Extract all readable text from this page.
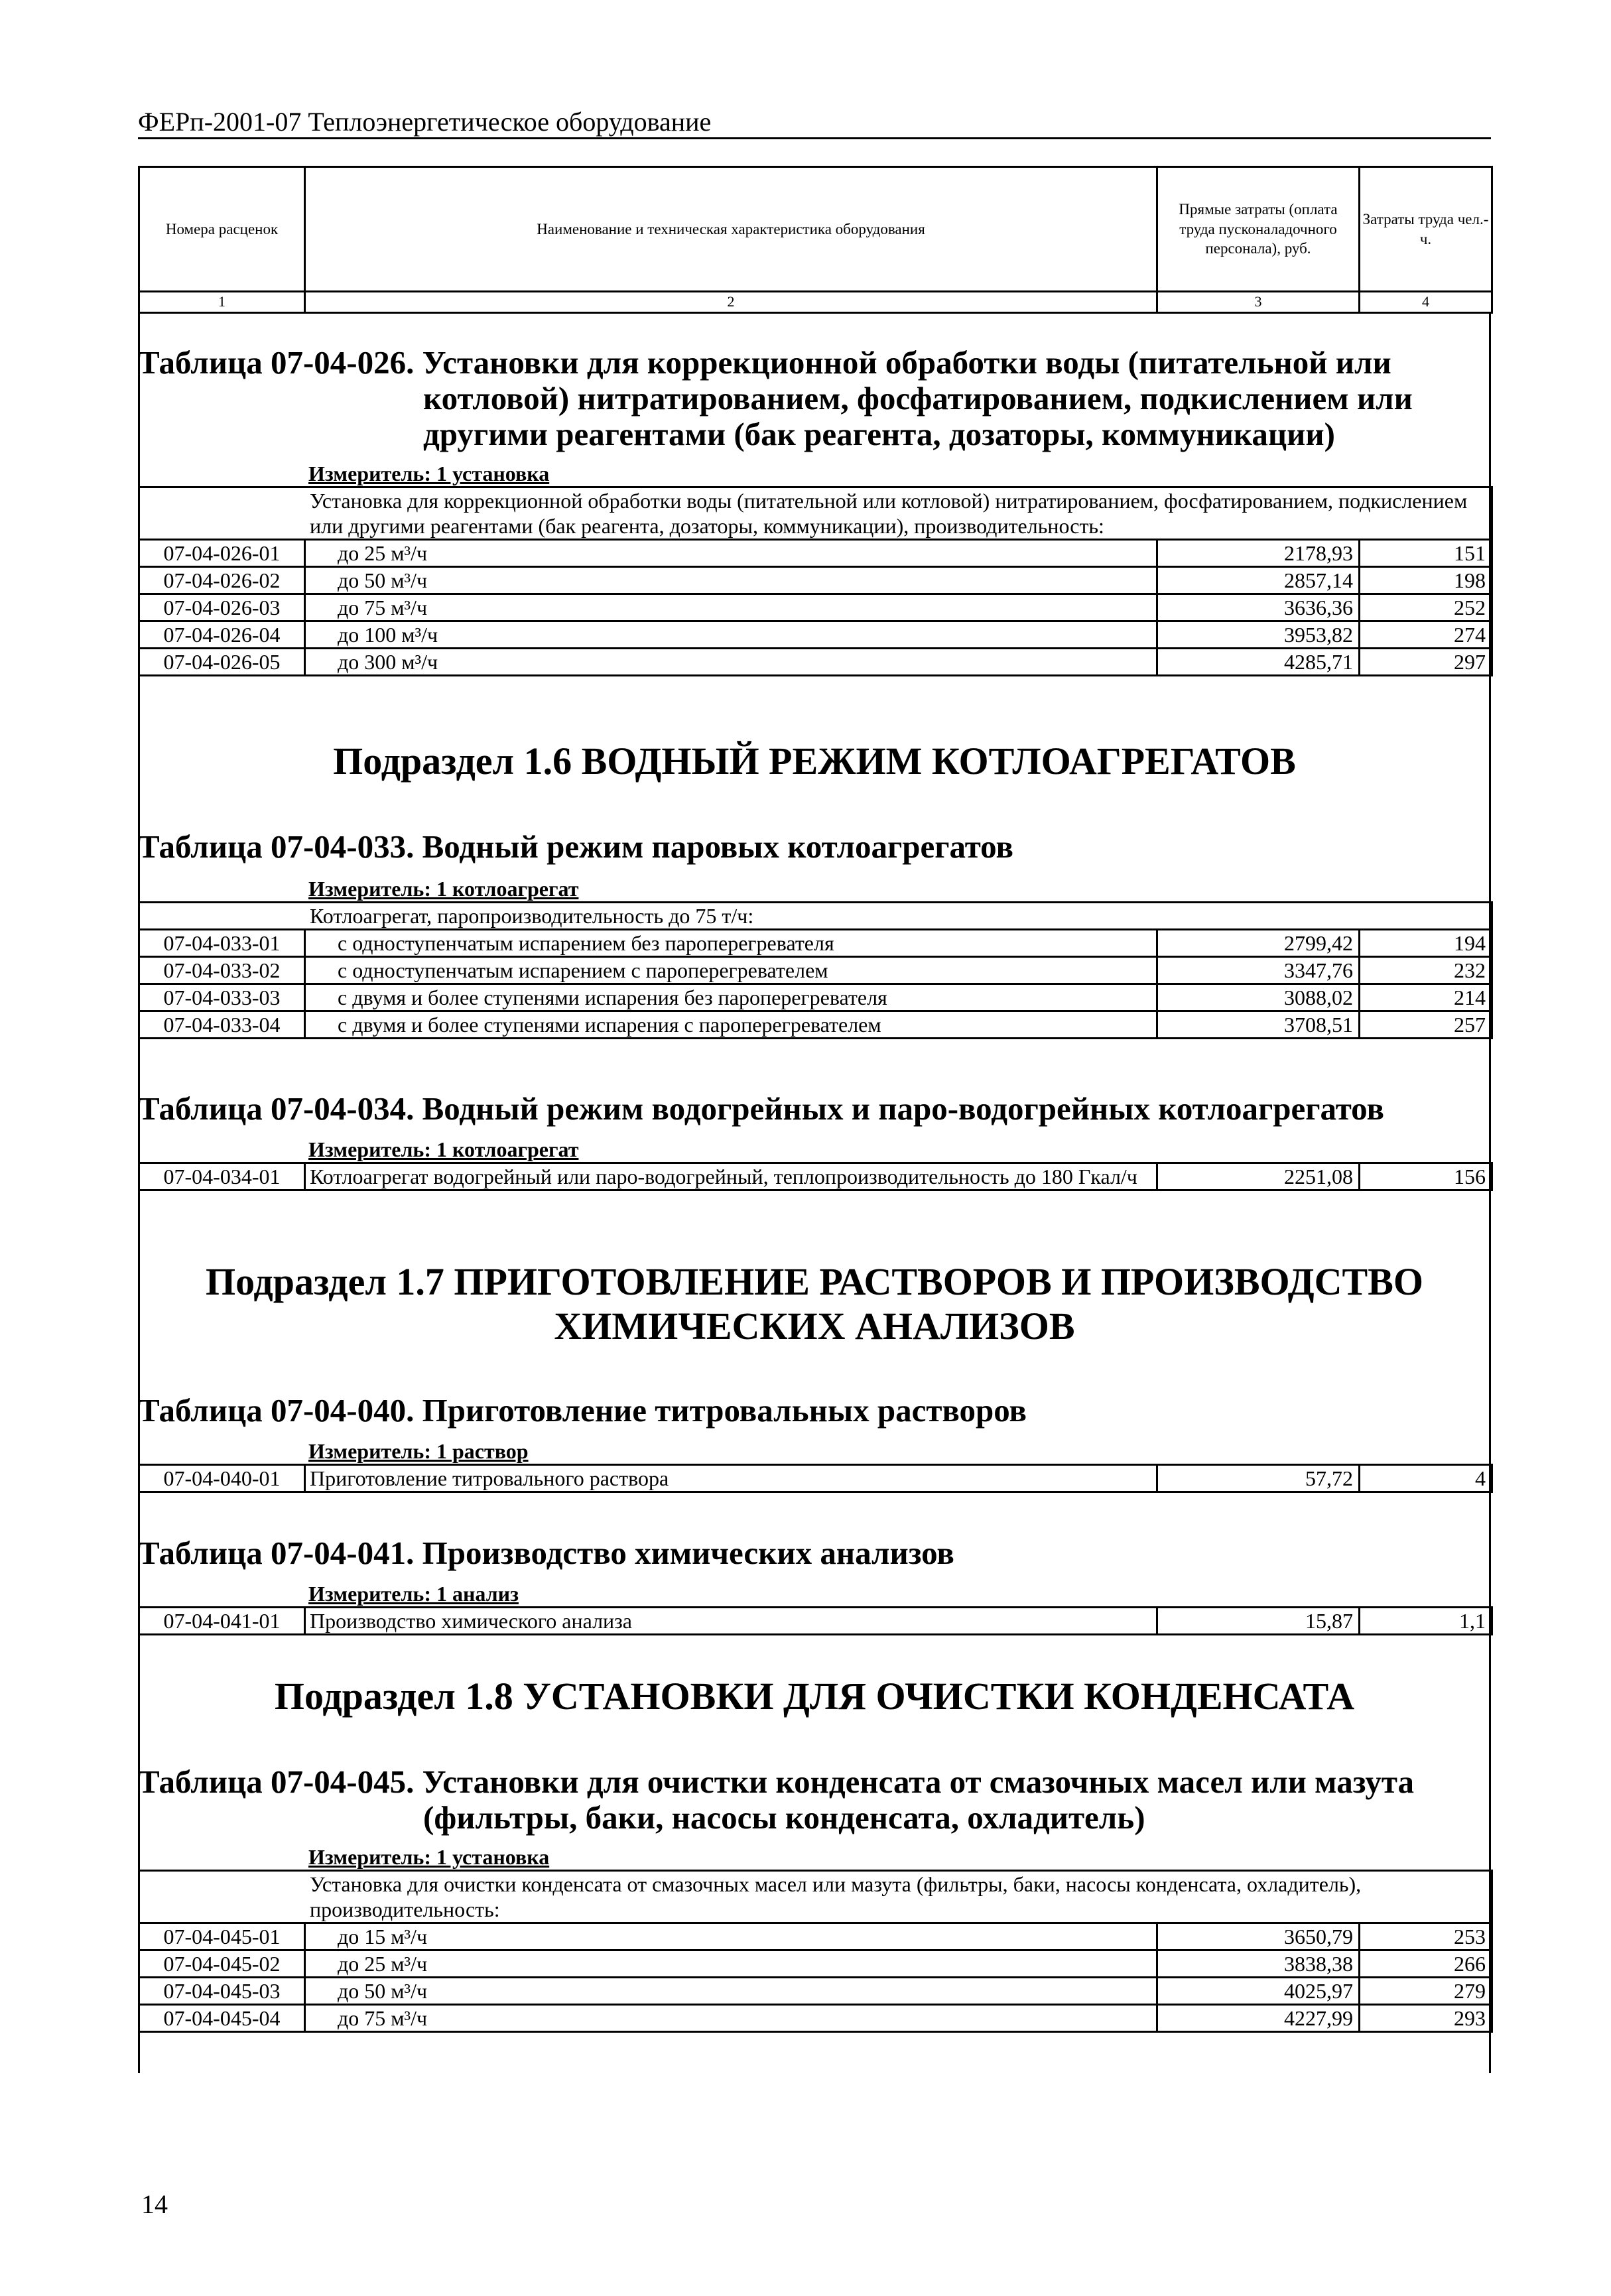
ФЕРп-2001-07 Теплоэнергетическое оборудование
Номера расценок	Наименование и техническая характеристика оборудования	Прямые затраты (оплата труда пусконаладочного персонала), руб.	Затраты труда чел.-ч.
1	2	3	4
Таблица 07-04-026. Установки для коррекционной обработки воды (питательной или
котловой) нитратированием, фосфатированием, подкислением или
другими реагентами (бак реагента, дозаторы, коммуникации)
Измеритель: 1 установка
Установка для коррекционной обработки воды (питательной или котловой) нитратированием, фосфатированием, подкислением или другими реагентами (бак реагента, дозаторы, коммуникации), производительность:			
07-04-026-01	до 25 м³/ч	2178,93	151
07-04-026-02	до 50 м³/ч	2857,14	198
07-04-026-03	до 75 м³/ч	3636,36	252
07-04-026-04	до 100 м³/ч	3953,82	274
07-04-026-05	до 300 м³/ч	4285,71	297
Подраздел 1.6 ВОДНЫЙ РЕЖИМ КОТЛОАГРЕГАТОВ
Таблица 07-04-033. Водный режим паровых котлоагрегатов
Измеритель: 1 котлоагрегат
Котлоагрегат, паропроизводительность до 75 т/ч:			
07-04-033-01	с одноступенчатым испарением без пароперегревателя	2799,42	194
07-04-033-02	с одноступенчатым испарением с пароперегревателем	3347,76	232
07-04-033-03	с двумя и более ступенями испарения без пароперегревателя	3088,02	214
07-04-033-04	с двумя и более ступенями испарения с пароперегревателем	3708,51	257
Таблица 07-04-034. Водный режим водогрейных и паро-водогрейных котлоагрегатов
Измеритель: 1 котлоагрегат
07-04-034-01	Котлоагрегат водогрейный или паро-водогрейный, теплопроизводительность до 180 Гкал/ч	2251,08	156
Подраздел 1.7 ПРИГОТОВЛЕНИЕ РАСТВОРОВ И ПРОИЗВОДСТВО
ХИМИЧЕСКИХ АНАЛИЗОВ
Таблица 07-04-040. Приготовление титровальных растворов
Измеритель: 1 раствор
07-04-040-01	Приготовление титровального раствора	57,72	4
Таблица 07-04-041. Производство химических анализов
Измеритель: 1 анализ
07-04-041-01	Производство химического анализа	15,87	1,1
Подраздел 1.8 УСТАНОВКИ ДЛЯ ОЧИСТКИ КОНДЕНСАТА
Таблица 07-04-045. Установки для очистки конденсата от смазочных масел или мазута
(фильтры, баки, насосы конденсата, охладитель)
Измеритель: 1 установка
Установка для очистки конденсата от смазочных масел или мазута (фильтры, баки, насосы конденсата, охладитель), производительность:			
07-04-045-01	до 15 м³/ч	3650,79	253
07-04-045-02	до 25 м³/ч	3838,38	266
07-04-045-03	до 50 м³/ч	4025,97	279
07-04-045-04	до 75 м³/ч	4227,99	293
14
